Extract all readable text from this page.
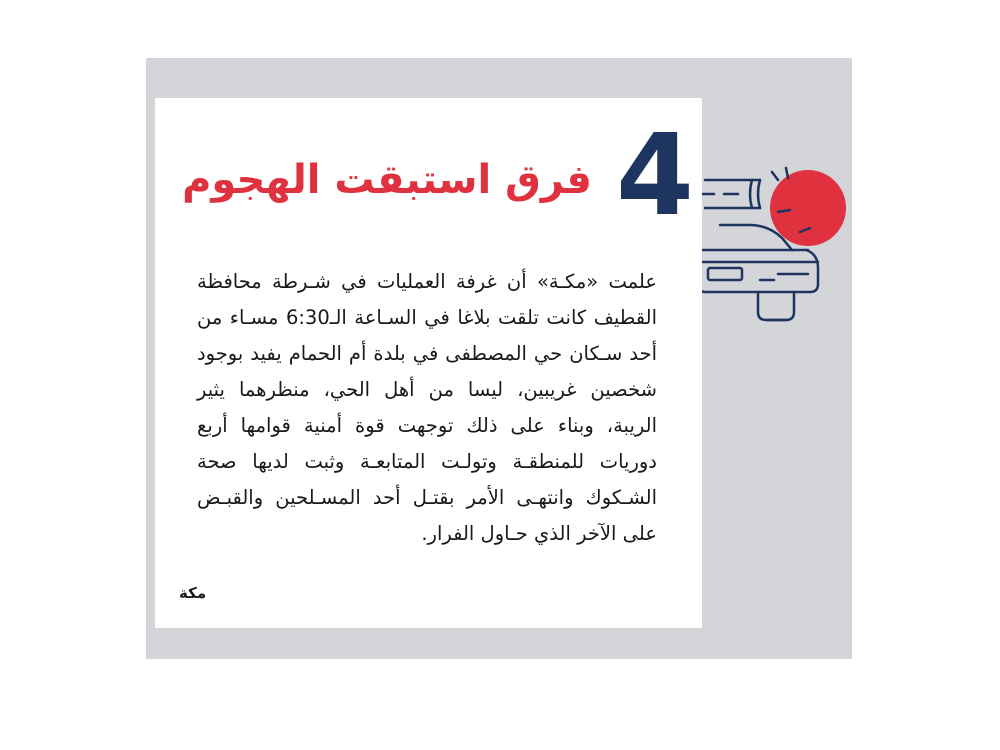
4
فرق استبقت الهجوم
علمت «مكـة» أن غرفة العمليات في شـرطة محافظة القطيف كانت تلقت بلاغا في السـاعة الـ6:30 مسـاء من أحد سـكان حي المصطفى في بلدة أم الحمام يفيد بوجود شخصين غريبين، ليسا من أهل الحي، منظرهما يثير الريبة، وبناء على ذلك توجهت قوة أمنية قوامها أربع دوريات للمنطقـة وتولـت المتابعـة وثبت لديها صحة الشـكوك وانتهـى الأمر بقتـل أحد المسـلحين والقبـض على الآخر الذي حـاول الفرار.
مكة
